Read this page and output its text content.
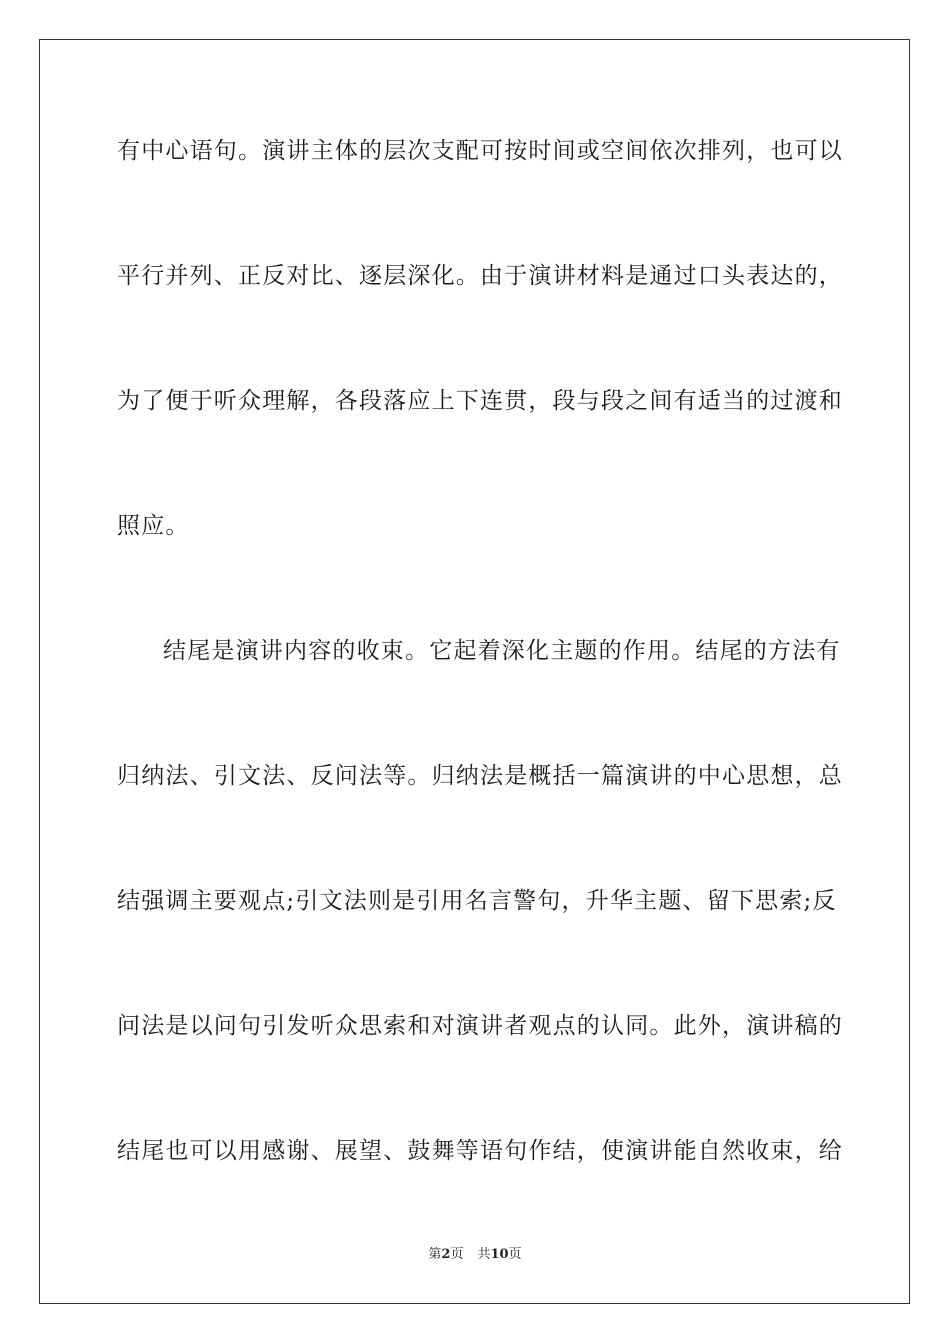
有中心语句。演讲主体的层次支配可按时间或空间依次排列，也可以
平行并列、正反对比、逐层深化。由于演讲材料是通过口头表达的，
为了便于听众理解，各段落应上下连贯，段与段之间有适当的过渡和
照应。
结尾是演讲内容的收束。它起着深化主题的作用。结尾的方法有
归纳法、引文法、反问法等。归纳法是概括一篇演讲的中心思想，总
结强调主要观点;引文法则是引用名言警句，升华主题、留下思索;反
问法是以问句引发听众思索和对演讲者观点的认同。此外，演讲稿的
结尾也可以用感谢、展望、鼓舞等语句作结，使演讲能自然收束，给
第2页 共10页
